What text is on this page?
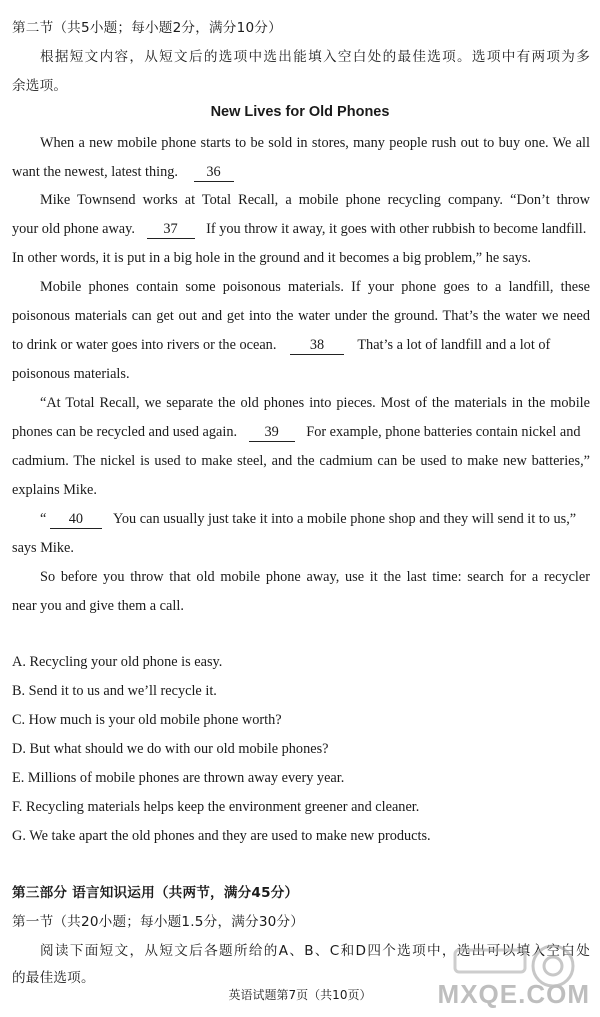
第二节（共5小题；每小题2分，满分10分）
根据短文内容，从短文后的选项中选出能填入空白处的最佳选项。选项中有两项为多
余选项。
New Lives for Old Phones
When a new mobile phone starts to be sold in stores, many people rush out to buy one. We all
want the newest, latest thing. 36
Mike Townsend works at Total Recall, a mobile phone recycling company. “Don’t throw
your old phone away. 37 If you throw it away, it goes with other rubbish to become landfill.
In other words, it is put in a big hole in the ground and it becomes a big problem,” he says.
Mobile phones contain some poisonous materials. If your phone goes to a landfill, these
poisonous materials can get out and get into the water under the ground. That’s the water we need
to drink or water goes into rivers or the ocean. 38 That’s a lot of landfill and a lot of
poisonous materials.
“At Total Recall, we separate the old phones into pieces. Most of the materials in the mobile
phones can be recycled and used again. 39 For example, phone batteries contain nickel and
cadmium. The nickel is used to make steel, and the cadmium can be used to make new batteries,”
explains Mike.
“ 40 You can usually just take it into a mobile phone shop and they will send it to us,”
says Mike.
So before you throw that old mobile phone away, use it the last time: search for a recycler
near you and give them a call.
A. Recycling your old phone is easy.
B. Send it to us and we’ll recycle it.
C. How much is your old mobile phone worth?
D. But what should we do with our old mobile phones?
E. Millions of mobile phones are thrown away every year.
F. Recycling materials helps keep the environment greener and cleaner.
G. We take apart the old phones and they are used to make new products.
第三部分 语言知识运用（共两节，满分45分）
第一节（共20小题；每小题1.5分，满分30分）
阅读下面短文，从短文后各题所给的A、B、C和D四个选项中，选出可以填入空白处
的最佳选项。
英语试题第7页（共10页）	MXQE.COM
